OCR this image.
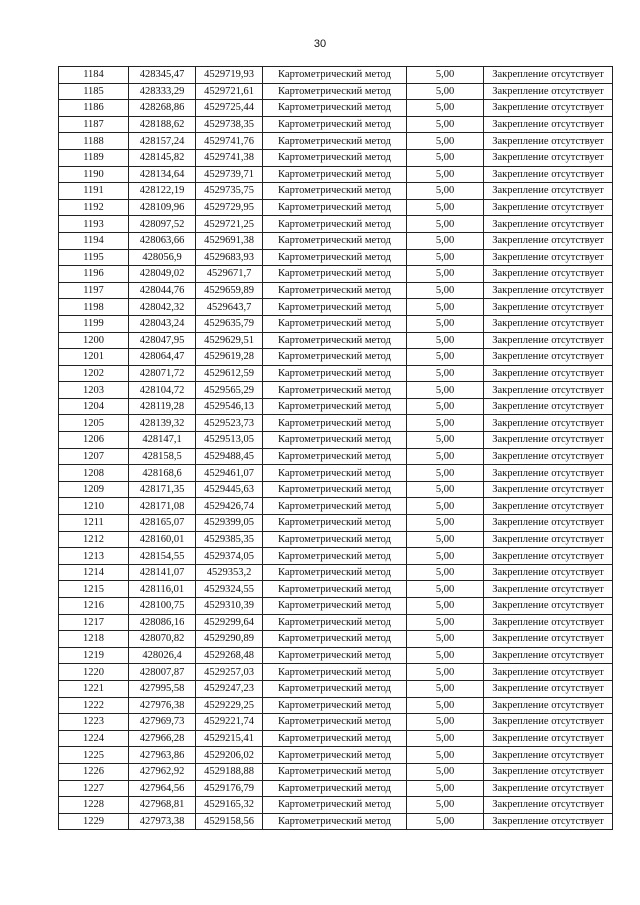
30
1184	428345,47	4529719,93	Картометрический метод	5,00	Закрепление отсутствует
1185	428333,29	4529721,61	Картометрический метод	5,00	Закрепление отсутствует
1186	428268,86	4529725,44	Картометрический метод	5,00	Закрепление отсутствует
1187	428188,62	4529738,35	Картометрический метод	5,00	Закрепление отсутствует
1188	428157,24	4529741,76	Картометрический метод	5,00	Закрепление отсутствует
1189	428145,82	4529741,38	Картометрический метод	5,00	Закрепление отсутствует
1190	428134,64	4529739,71	Картометрический метод	5,00	Закрепление отсутствует
1191	428122,19	4529735,75	Картометрический метод	5,00	Закрепление отсутствует
1192	428109,96	4529729,95	Картометрический метод	5,00	Закрепление отсутствует
1193	428097,52	4529721,25	Картометрический метод	5,00	Закрепление отсутствует
1194	428063,66	4529691,38	Картометрический метод	5,00	Закрепление отсутствует
1195	428056,9	4529683,93	Картометрический метод	5,00	Закрепление отсутствует
1196	428049,02	4529671,7	Картометрический метод	5,00	Закрепление отсутствует
1197	428044,76	4529659,89	Картометрический метод	5,00	Закрепление отсутствует
1198	428042,32	4529643,7	Картометрический метод	5,00	Закрепление отсутствует
1199	428043,24	4529635,79	Картометрический метод	5,00	Закрепление отсутствует
1200	428047,95	4529629,51	Картометрический метод	5,00	Закрепление отсутствует
1201	428064,47	4529619,28	Картометрический метод	5,00	Закрепление отсутствует
1202	428071,72	4529612,59	Картометрический метод	5,00	Закрепление отсутствует
1203	428104,72	4529565,29	Картометрический метод	5,00	Закрепление отсутствует
1204	428119,28	4529546,13	Картометрический метод	5,00	Закрепление отсутствует
1205	428139,32	4529523,73	Картометрический метод	5,00	Закрепление отсутствует
1206	428147,1	4529513,05	Картометрический метод	5,00	Закрепление отсутствует
1207	428158,5	4529488,45	Картометрический метод	5,00	Закрепление отсутствует
1208	428168,6	4529461,07	Картометрический метод	5,00	Закрепление отсутствует
1209	428171,35	4529445,63	Картометрический метод	5,00	Закрепление отсутствует
1210	428171,08	4529426,74	Картометрический метод	5,00	Закрепление отсутствует
1211	428165,07	4529399,05	Картометрический метод	5,00	Закрепление отсутствует
1212	428160,01	4529385,35	Картометрический метод	5,00	Закрепление отсутствует
1213	428154,55	4529374,05	Картометрический метод	5,00	Закрепление отсутствует
1214	428141,07	4529353,2	Картометрический метод	5,00	Закрепление отсутствует
1215	428116,01	4529324,55	Картометрический метод	5,00	Закрепление отсутствует
1216	428100,75	4529310,39	Картометрический метод	5,00	Закрепление отсутствует
1217	428086,16	4529299,64	Картометрический метод	5,00	Закрепление отсутствует
1218	428070,82	4529290,89	Картометрический метод	5,00	Закрепление отсутствует
1219	428026,4	4529268,48	Картометрический метод	5,00	Закрепление отсутствует
1220	428007,87	4529257,03	Картометрический метод	5,00	Закрепление отсутствует
1221	427995,58	4529247,23	Картометрический метод	5,00	Закрепление отсутствует
1222	427976,38	4529229,25	Картометрический метод	5,00	Закрепление отсутствует
1223	427969,73	4529221,74	Картометрический метод	5,00	Закрепление отсутствует
1224	427966,28	4529215,41	Картометрический метод	5,00	Закрепление отсутствует
1225	427963,86	4529206,02	Картометрический метод	5,00	Закрепление отсутствует
1226	427962,92	4529188,88	Картометрический метод	5,00	Закрепление отсутствует
1227	427964,56	4529176,79	Картометрический метод	5,00	Закрепление отсутствует
1228	427968,81	4529165,32	Картометрический метод	5,00	Закрепление отсутствует
1229	427973,38	4529158,56	Картометрический метод	5,00	Закрепление отсутствует
